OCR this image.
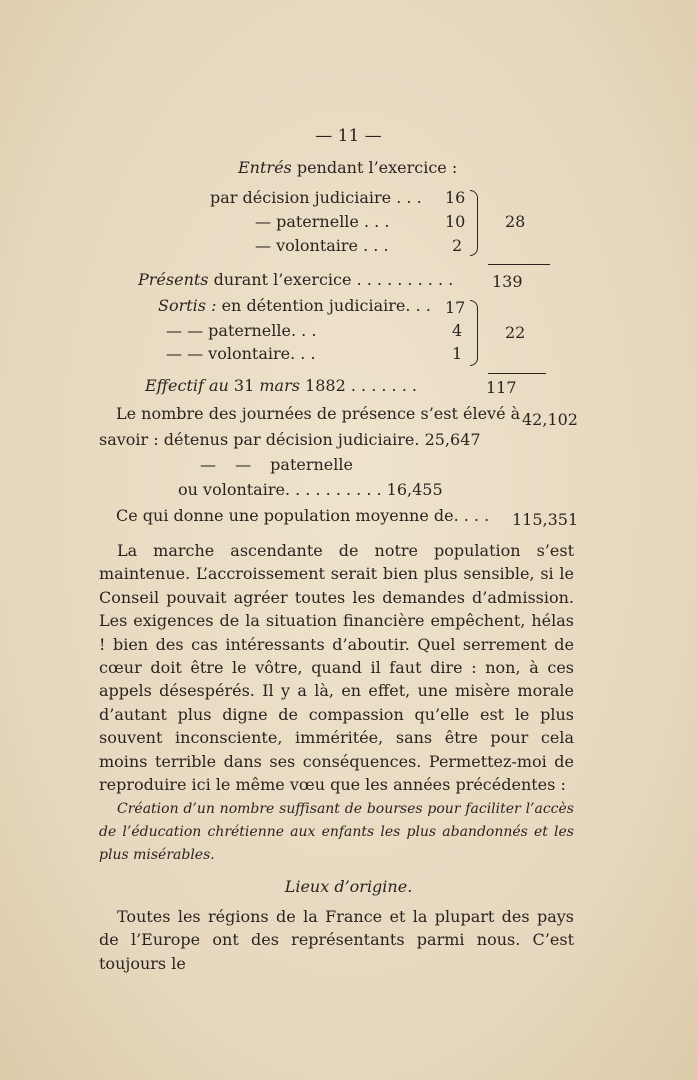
— 11 —
Entrés pendant l’exercice :
par décision judiciaire . . . 16
— paternelle . . .	10
— volontaire . . .	2
28
Présents durant l’exercice . . . . . . . . . . 139
Sortis : en détention judiciaire. . . 17
— — paternelle. . .	4
— — volontaire. . .	1
22
Effectif au 31 mars 1882 . . . . . . .	117
Le nombre des journées de présence s’est élevé à 42,102
savoir : détenus par décision judiciaire. 25,647
— — paternelle
ou volontaire. . . . . . . . . . 16,455
Ce qui donne une population moyenne de. . . . 115,351

La marche ascendante de notre population s’est maintenue. L’accroissement serait bien plus sensible, si le Conseil pouvait agréer toutes les demandes d’admission. Les exigences de la situation financière empêchent, hélas ! bien des cas intéressants d’aboutir. Quel serrement de cœur doit être le vôtre, quand il faut dire : non, à ces appels désespérés. Il y a là, en effet, une misère morale d’autant plus digne de compassion qu’elle est le plus souvent inconsciente, imméritée, sans être pour cela moins terrible dans ses conséquences. Permettez-moi de reproduire ici le même vœu que les années précédentes :

Création d’un nombre suffisant de bourses pour faciliter l’accès de l’éducation chrétienne aux enfants les plus abandonnés et les plus misérables.

Lieux d’origine.

Toutes les régions de la France et la plupart des pays de l’Europe ont des représentants parmi nous. C’est toujours le
